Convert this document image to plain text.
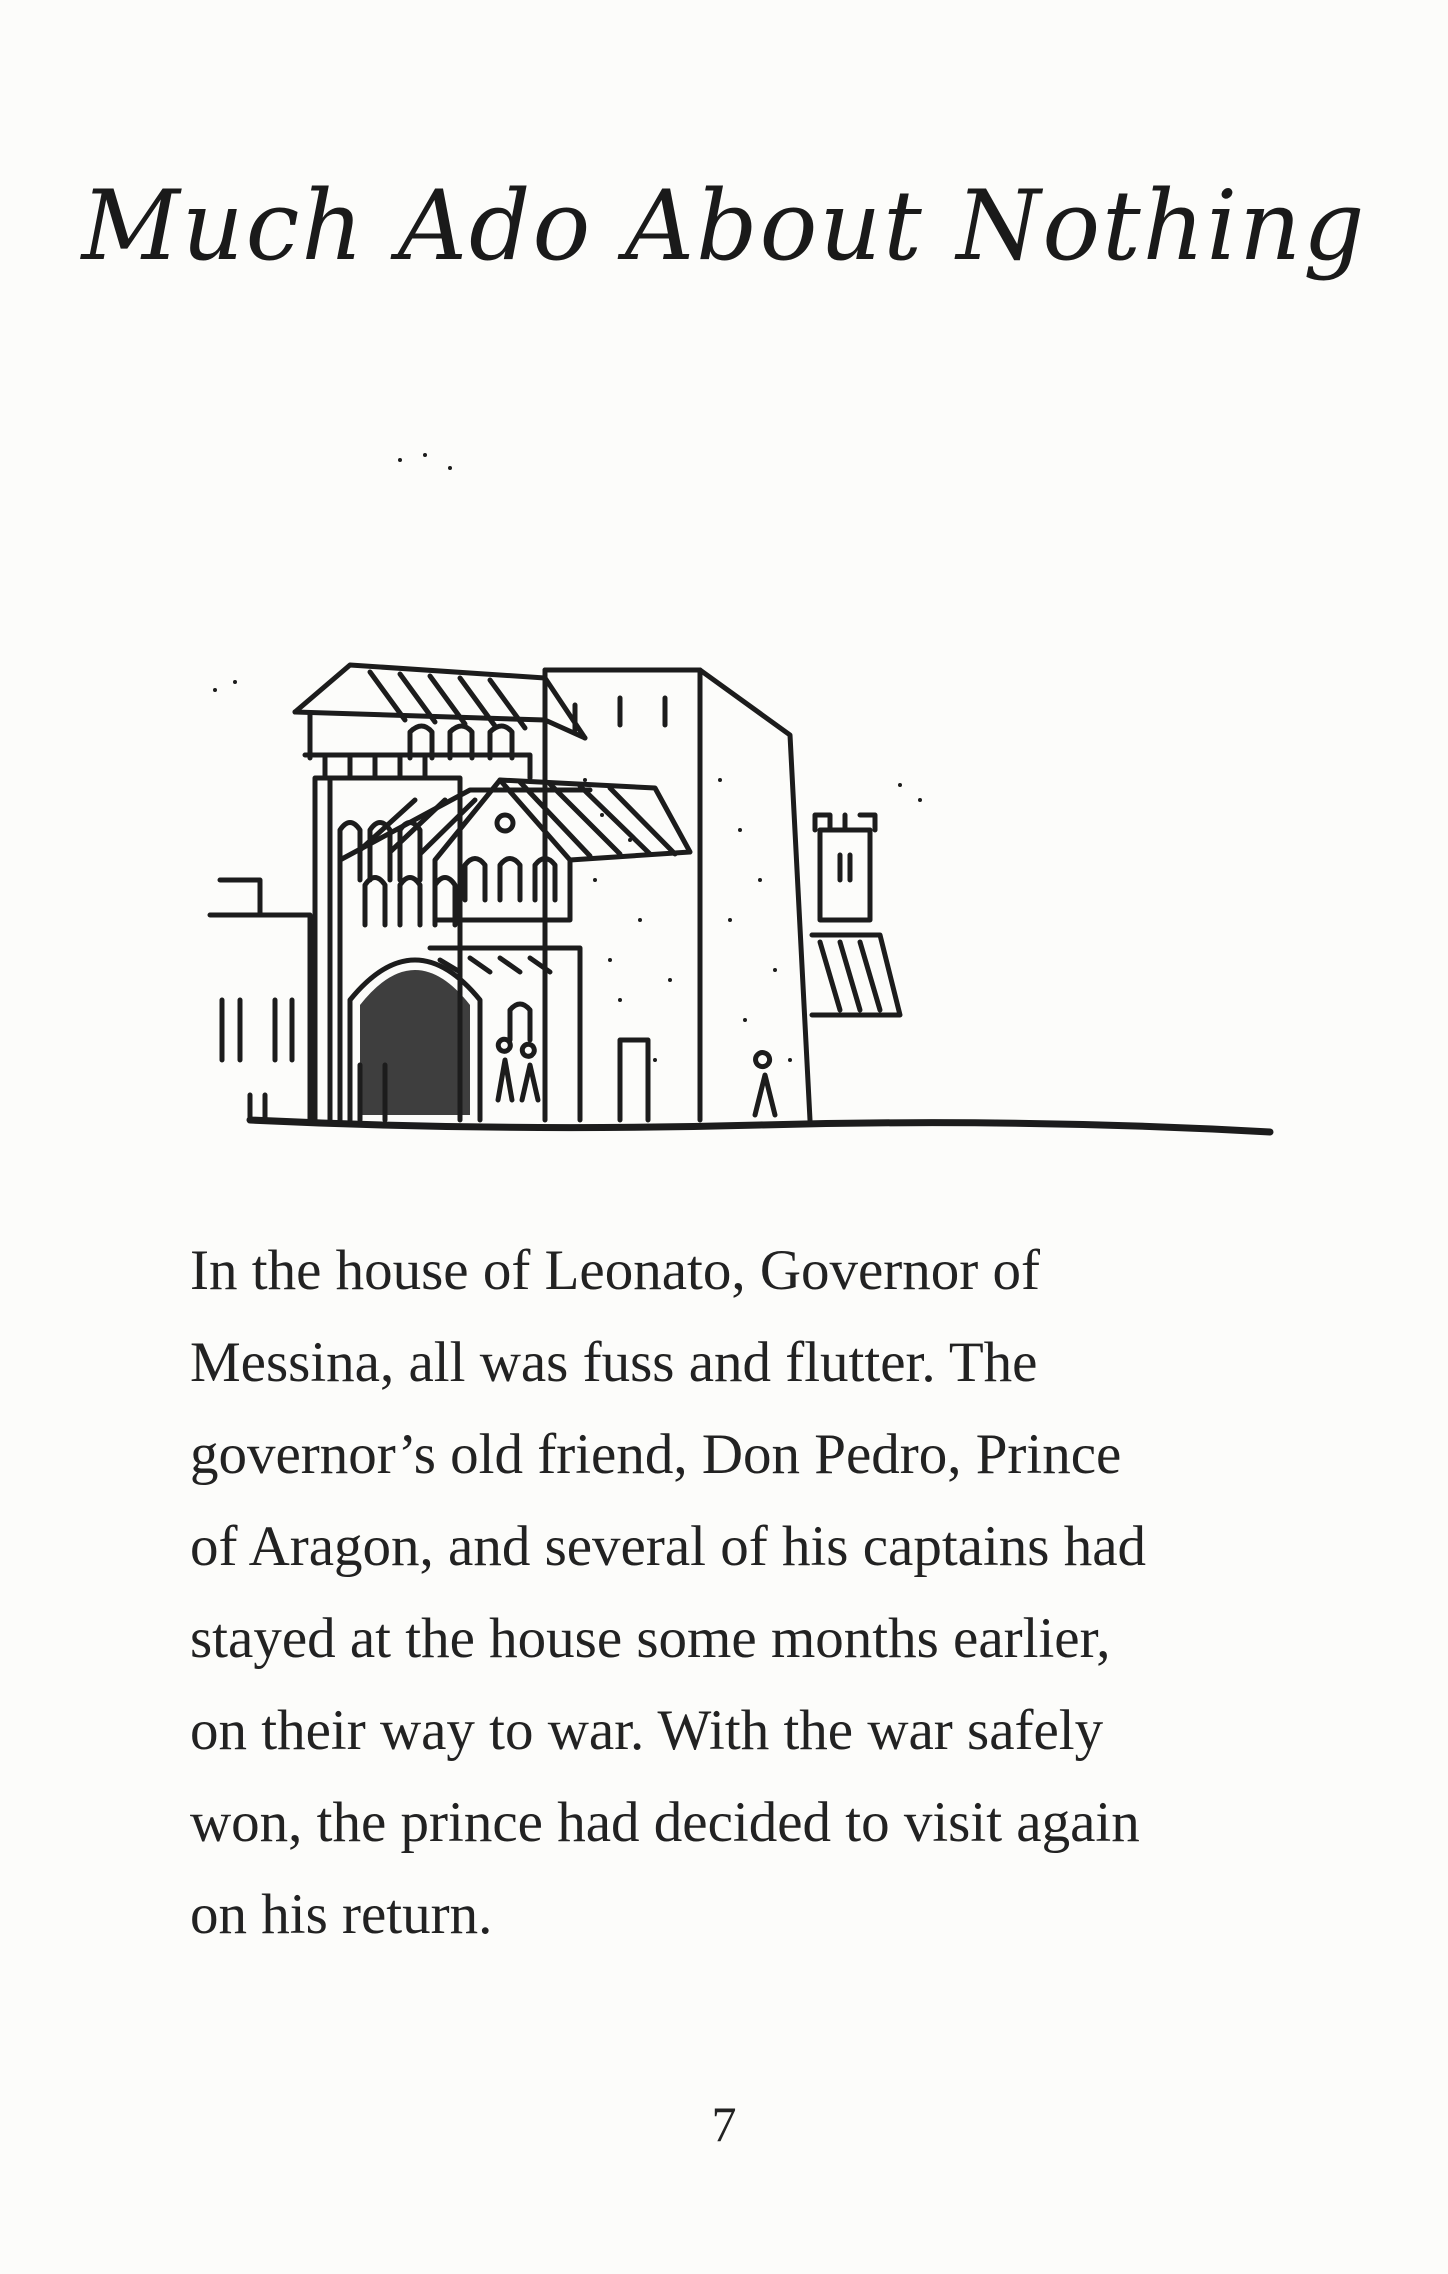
Much Ado About Nothing
In the house of Leonato, Governor of
Messina, all was fuss and flutter. The
governor’s old friend, Don Pedro, Prince
of Aragon, and several of his captains had
stayed at the house some months earlier,
on their way to war. With the war safely
won, the prince had decided to visit again
on his return.
7
